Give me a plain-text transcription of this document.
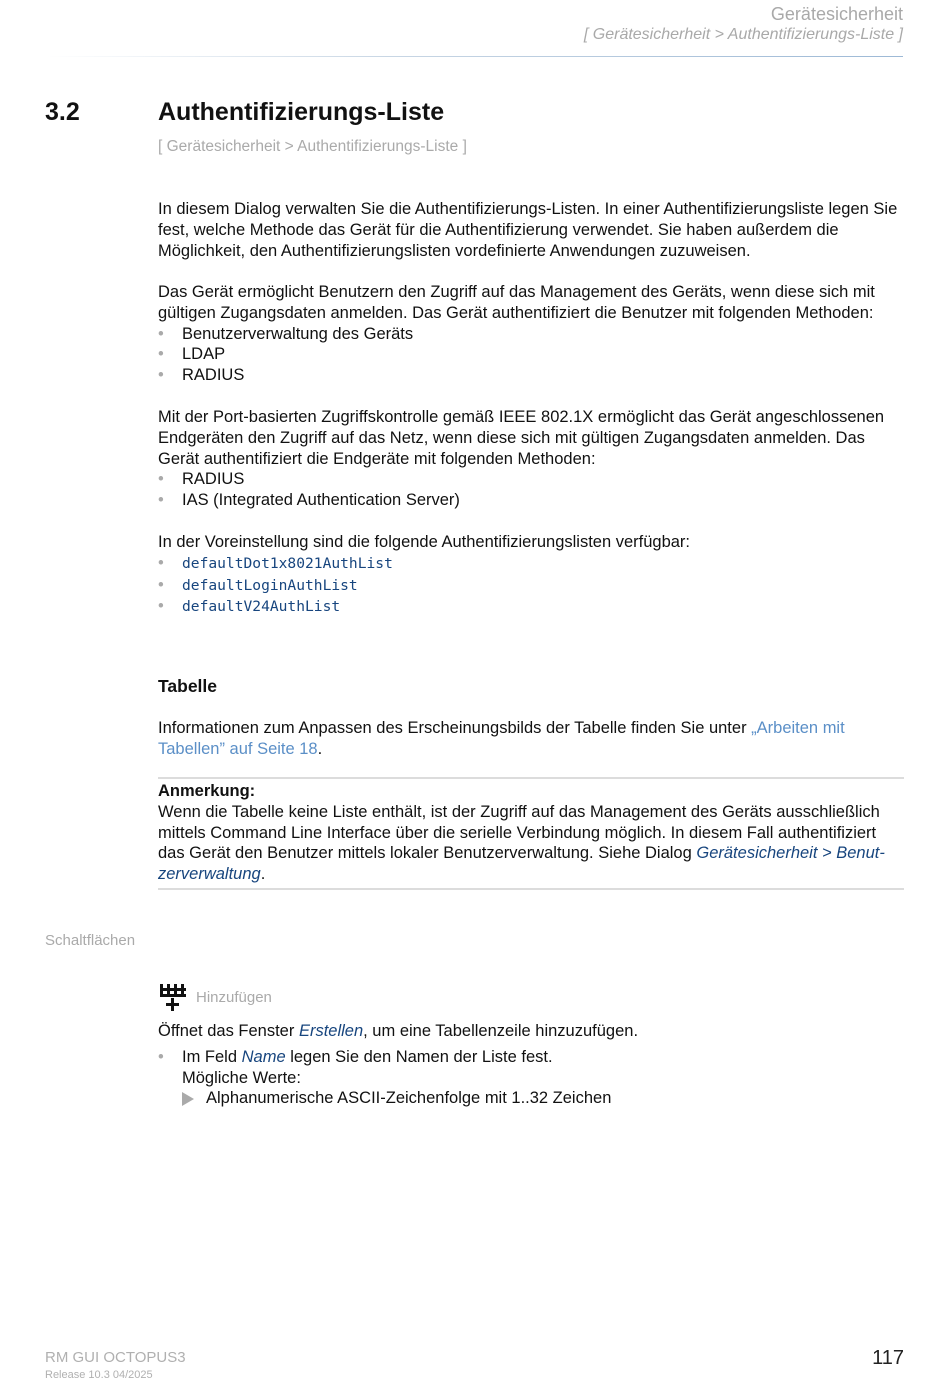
Gerätesicherheit
[ Gerätesicherheit > Authentifizierungs-Liste ]
3.2	Authentifizierungs-Liste
[ Gerätesicherheit > Authentifizierungs-Liste ]

In diesem Dialog verwalten Sie die Authentifizierungs-Listen. In einer Authentifizierungsliste legen Sie fest, welche Methode das Gerät für die Authentifizierung verwendet. Sie haben außerdem die Möglichkeit, den Authentifizierungslisten vordefinierte Anwendungen zuzuweisen.

Das Gerät ermöglicht Benutzern den Zugriff auf das Management des Geräts, wenn diese sich mit gültigen Zugangsdaten anmelden. Das Gerät authentifiziert die Benutzer mit folgenden Methoden:

• Benutzerverwaltung des Geräts
• LDAP
• RADIUS

Mit der Port-basierten Zugriffskontrolle gemäß IEEE 802.1X ermöglicht das Gerät angeschlossenen Endgeräten den Zugriff auf das Netz, wenn diese sich mit gültigen Zugangsdaten anmelden. Das Gerät authentifiziert die Endgeräte mit folgenden Methoden:

• RADIUS
• IAS (Integrated Authentication Server)

In der Voreinstellung sind die folgende Authentifizierungslisten verfügbar:

• defaultDot1x8021AuthList
• defaultLoginAuthList
• defaultV24AuthList
Tabelle

Informationen zum Anpassen des Erscheinungsbilds der Tabelle finden Sie unter „Arbeiten mit Tabellen” auf Seite 18.

Anmerkung:

Wenn die Tabelle keine Liste enthält, ist der Zugriff auf das Management des Geräts ausschließlich mittels Command Line Interface über die serielle Verbindung möglich. In diesem Fall authentifiziert das Gerät den Benutzer mittels lokaler Benutzerverwaltung. Siehe Dialog Gerätesicherheit > Benutzerverwaltung.

Schaltflächen
Hinzufügen

Öffnet das Fenster Erstellen, um eine Tabellenzeile hinzuzufügen.

• Im Feld Name legen Sie den Namen der Liste fest.
Mögliche Werte:
Alphanumerische ASCII-Zeichenfolge mit 1..32 Zeichen
RM GUI OCTOPUS3
Release 10.3 04/2025
117
